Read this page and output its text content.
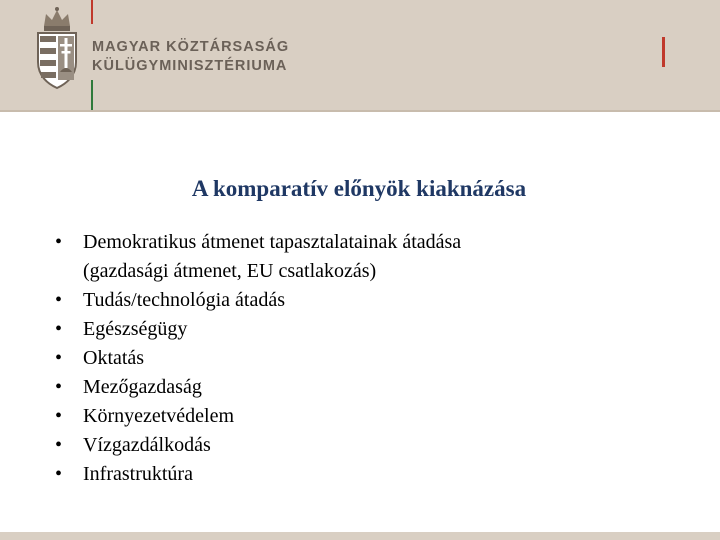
MAGYAR KÖZTÁRSASÁG
KÜLÜGYMINISZTÉRIUMA
A komparatív előnyök kiaknázása
• Demokratikus átmenet tapasztalatainak átadása
(gazdasági átmenet, EU csatlakozás)
• Tudás/technológia átadás
• Egészségügy
• Oktatás
• Mezőgazdaság
• Környezetvédelem
• Vízgazdálkodás
• Infrastruktúra
